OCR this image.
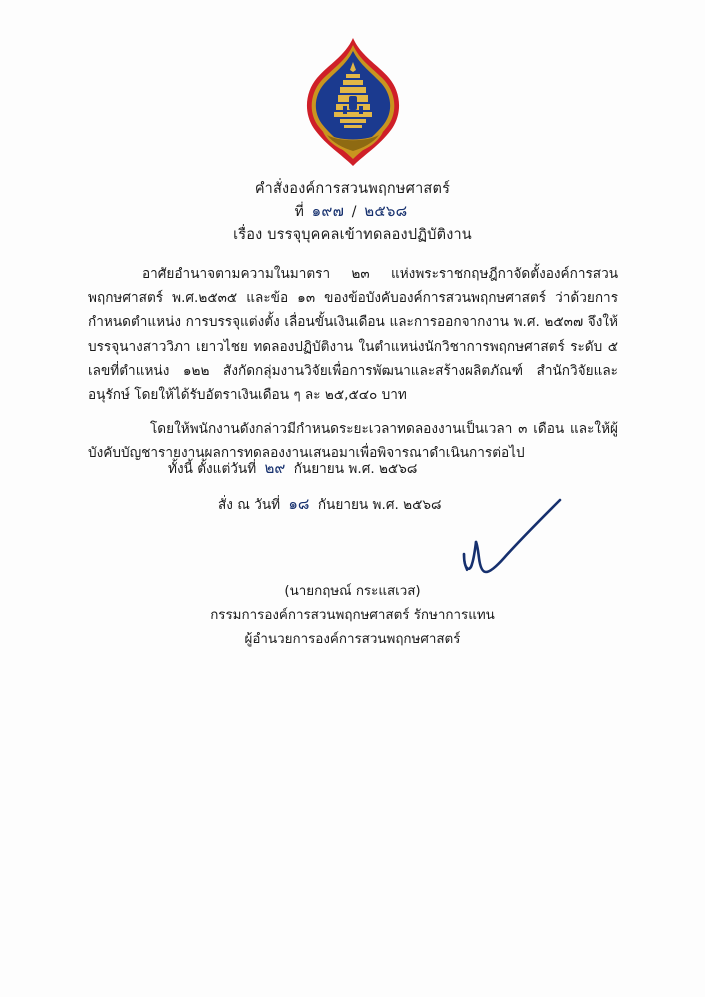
คำสั่งองค์การสวนพฤกษศาสตร์
ที่ ๑๙๗ / ๒๕๖๘
เรื่อง บรรจุบุคคลเข้าทดลองปฏิบัติงาน

อาศัยอำนาจตามความในมาตรา ๒๓ แห่งพระราชกฤษฎีกาจัดตั้งองค์การสวนพฤกษศาสตร์ พ.ศ.๒๕๓๕ และข้อ ๑๓ ของข้อบังคับองค์การสวนพฤกษศาสตร์ ว่าด้วยการกำหนดตำแหน่ง การบรรจุแต่งตั้ง เลื่อนขั้นเงินเดือน และการออกจากงาน พ.ศ. ๒๕๓๗ จึงให้บรรจุนางสาววิภา เยาวไชย ทดลองปฏิบัติงาน ในตำแหน่งนักวิชาการพฤกษศาสตร์ ระดับ ๕ เลขที่ตำแหน่ง ๑๒๒ สังกัดกลุ่มงานวิจัยเพื่อการพัฒนาและสร้างผลิตภัณฑ์ สำนักวิจัยและอนุรักษ์ โดยให้ได้รับอัตราเงินเดือน ๆ ละ ๒๕,๕๔๐ บาท

โดยให้พนักงานดังกล่าวมีกำหนดระยะเวลาทดลองงานเป็นเวลา ๓ เดือน และให้ผู้บังคับบัญชารายงานผลการทดลองงานเสนอมาเพื่อพิจารณาดำเนินการต่อไป

ทั้งนี้ ตั้งแต่วันที่ ๒๙ กันยายน พ.ศ. ๒๕๖๘
สั่ง ณ วันที่ ๑๘ กันยายน พ.ศ. ๒๕๖๘
(นายกฤษณ์ กระแสเวส)
กรรมการองค์การสวนพฤกษศาสตร์ รักษาการแทน
ผู้อำนวยการองค์การสวนพฤกษศาสตร์
